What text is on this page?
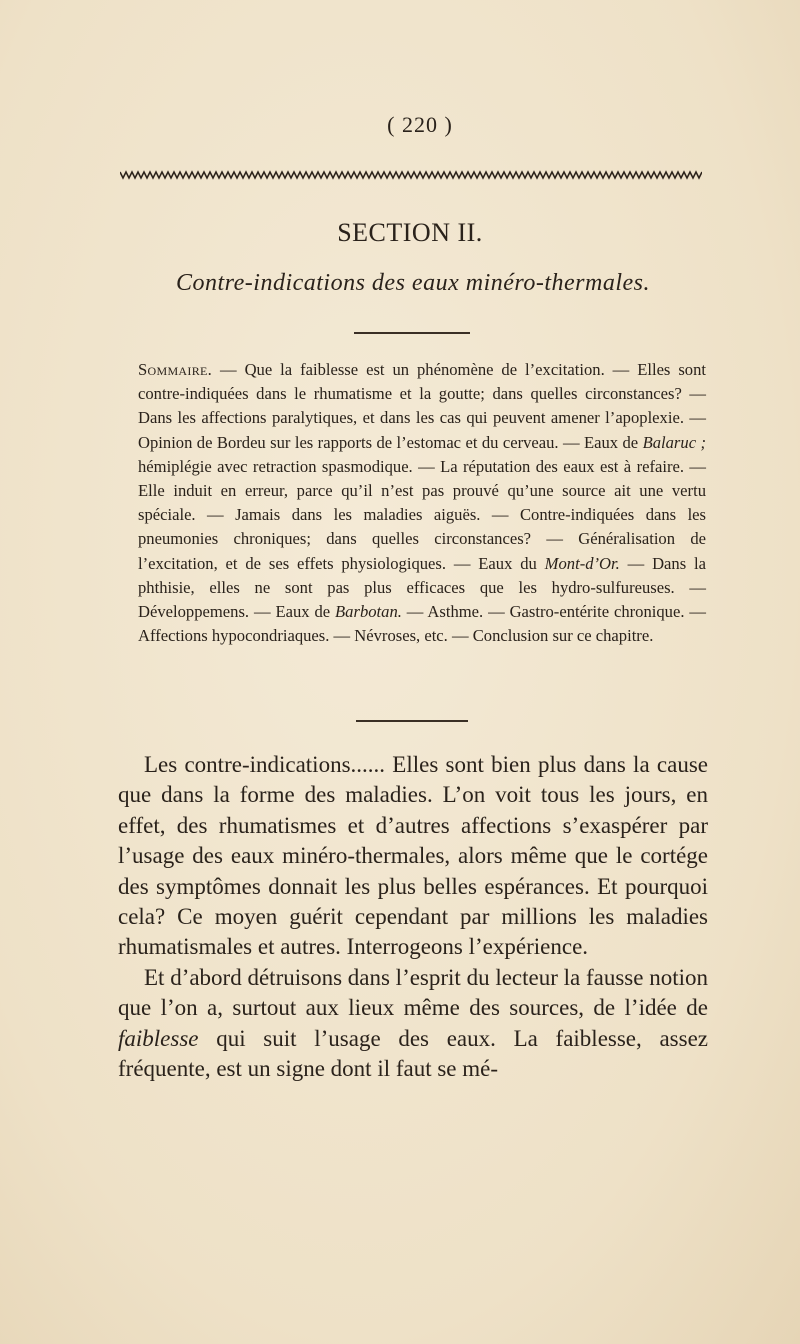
( 220 )
SECTION II.
Contre-indications des eaux minéro-thermales.
Sommaire. — Que la faiblesse est un phénomène de l’excitation. — Elles sont contre-indiquées dans le rhumatisme et la goutte; dans quelles circonstances? — Dans les affections paralytiques, et dans les cas qui peuvent amener l’apoplexie. — Opinion de Bordeu sur les rapports de l’estomac et du cerveau. — Eaux de Balaruc ; hémiplégie avec retraction spasmodique. — La réputation des eaux est à refaire. — Elle induit en erreur, parce qu’il n’est pas prouvé qu’une source ait une vertu spéciale. — Jamais dans les maladies aiguës. — Contre-indiquées dans les pneumonies chroniques; dans quelles circonstances? — Généralisation de l’excitation, et de ses effets physiologiques. — Eaux du Mont-d’Or. — Dans la phthisie, elles ne sont pas plus efficaces que les hydro-sulfureuses. — Développemens. — Eaux de Barbotan. — Asthme. — Gastro-entérite chronique. — Affections hypocondriaques. — Névroses, etc. — Conclusion sur ce chapitre.

Les contre-indications...... Elles sont bien plus dans la cause que dans la forme des maladies. L’on voit tous les jours, en effet, des rhumatismes et d’autres affections s’exaspérer par l’usage des eaux minéro-thermales, alors même que le cortége des symptômes donnait les plus belles espérances. Et pourquoi cela? Ce moyen guérit cependant par millions les maladies rhumatismales et autres. Interrogeons l’expérience.

Et d’abord détruisons dans l’esprit du lecteur la fausse notion que l’on a, surtout aux lieux même des sources, de l’idée de faiblesse qui suit l’usage des eaux. La faiblesse, assez fréquente, est un signe dont il faut se mé-
